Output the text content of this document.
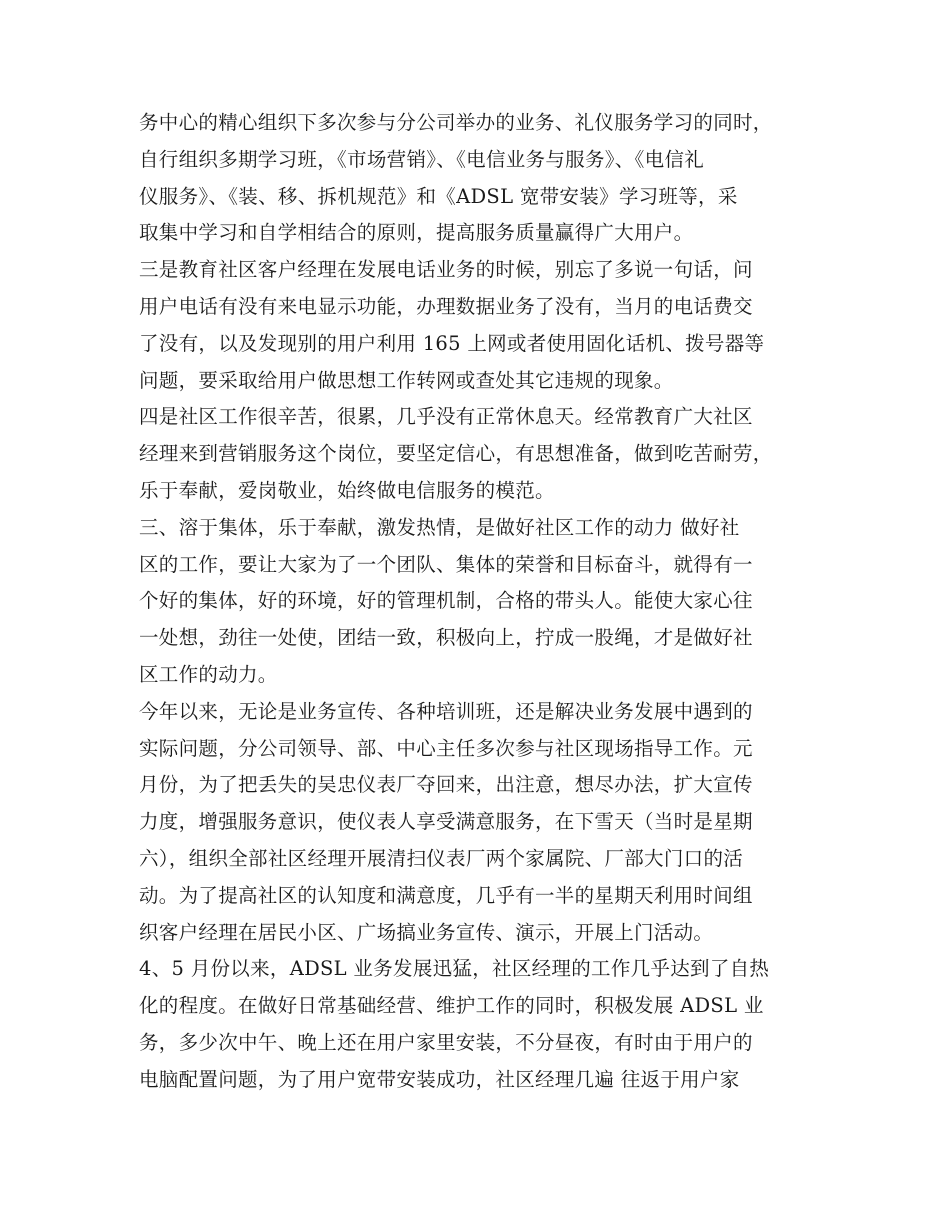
务中心的精心组织下多次参与分公司举办的业务、礼仪服务学习的同时，
自行组织多期学习班，《市场营销》、《电信业务与服务》、《电信礼
仪服务》、《装、移、拆机规范》和《ADSL 宽带安装》学习班等，采
取集中学习和自学相结合的原则，提高服务质量赢得广大用户。
三是教育社区客户经理在发展电话业务的时候，别忘了多说一句话，问
用户电话有没有来电显示功能，办理数据业务了没有，当月的电话费交
了没有，以及发现别的用户利用 165 上网或者使用固化话机、拨号器等
问题，要采取给用户做思想工作转网或查处其它违规的现象。
四是社区工作很辛苦，很累，几乎没有正常休息天。经常教育广大社区
经理来到营销服务这个岗位，要坚定信心，有思想准备，做到吃苦耐劳，
乐于奉献，爱岗敬业，始终做电信服务的模范。
三、溶于集体，乐于奉献，激发热情，是做好社区工作的动力 做好社
区的工作，要让大家为了一个团队、集体的荣誉和目标奋斗，就得有一
个好的集体，好的环境，好的管理机制，合格的带头人。能使大家心往
一处想，劲往一处使，团结一致，积极向上，拧成一股绳，才是做好社
区工作的动力。
今年以来，无论是业务宣传、各种培训班，还是解决业务发展中遇到的
实际问题，分公司领导、部、中心主任多次参与社区现场指导工作。元
月份，为了把丢失的吴忠仪表厂夺回来，出注意，想尽办法，扩大宣传
力度，增强服务意识，使仪表人享受满意服务，在下雪天（当时是星期
六），组织全部社区经理开展清扫仪表厂两个家属院、厂部大门口的活
动。为了提高社区的认知度和满意度，几乎有一半的星期天利用时间组
织客户经理在居民小区、广场搞业务宣传、演示，开展上门活动。
4、5 月份以来，ADSL 业务发展迅猛，社区经理的工作几乎达到了自热
化的程度。在做好日常基础经营、维护工作的同时，积极发展 ADSL 业
务，多少次中午、晚上还在用户家里安装，不分昼夜，有时由于用户的
电脑配置问题，为了用户宽带安装成功，社区经理几遍 往返于用户家
